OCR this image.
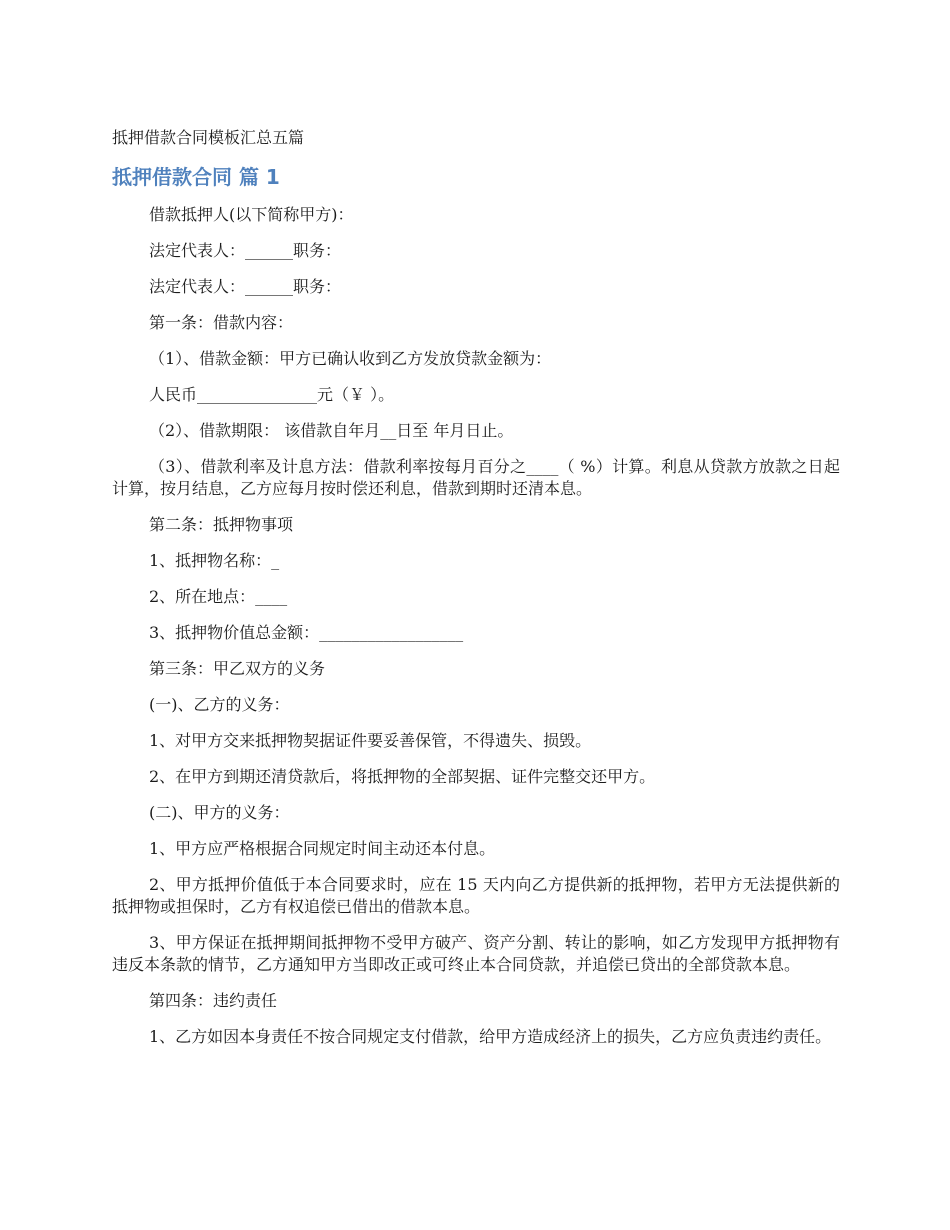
抵押借款合同模板汇总五篇

抵押借款合同 篇 1

借款抵押人(以下简称甲方)：

法定代表人：______职务：

法定代表人：______职务：

第一条：借款内容：

（1）、借款金额：甲方已确认收到乙方发放贷款金额为：

人民币_______________元（￥ ）。

（2）、借款期限： 该借款自年月__日至 年月日止。

（3）、借款利率及计息方法：借款利率按每月百分之____（ %）计算。利息从贷款方放款之日起计算，按月结息，乙方应每月按时偿还利息，借款到期时还清本息。

第二条：抵押物事项

1、抵押物名称：_

2、所在地点：____

3、抵押物价值总金额：__________________

第三条：甲乙双方的义务

(一)、乙方的义务：

1、对甲方交来抵押物契据证件要妥善保管，不得遗失、损毁。

2、在甲方到期还清贷款后，将抵押物的全部契据、证件完整交还甲方。

(二)、甲方的义务：

1、甲方应严格根据合同规定时间主动还本付息。

2、甲方抵押价值低于本合同要求时，应在 15 天内向乙方提供新的抵押物，若甲方无法提供新的抵押物或担保时，乙方有权追偿已借出的借款本息。

3、甲方保证在抵押期间抵押物不受甲方破产、资产分割、转让的影响，如乙方发现甲方抵押物有违反本条款的情节，乙方通知甲方当即改正或可终止本合同贷款，并追偿已贷出的全部贷款本息。

第四条：违约责任

1、乙方如因本身责任不按合同规定支付借款，给甲方造成经济上的损失，乙方应负责违约责任。
